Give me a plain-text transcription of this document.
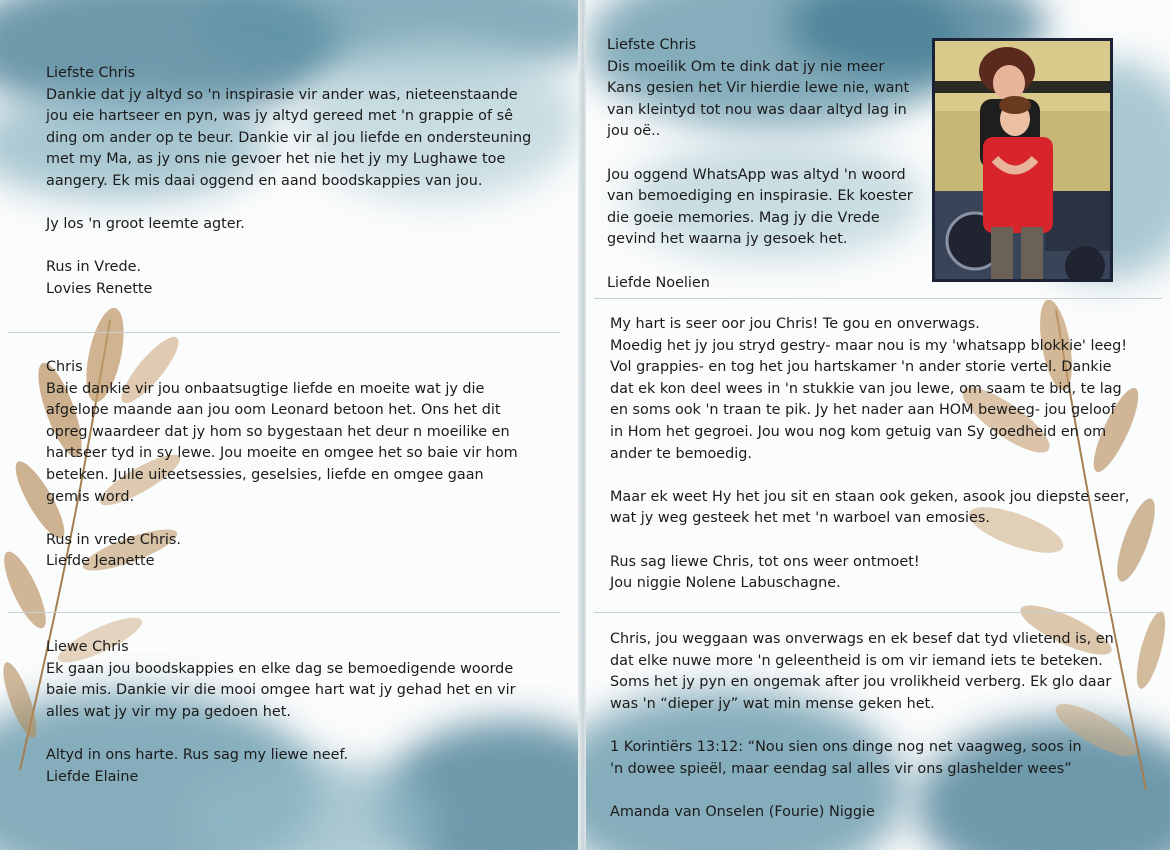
Liefste Chris
Dankie dat jy altyd so 'n inspirasie vir ander was, nieteenstaande
jou eie hartseer en pyn, was jy altyd gereed met 'n grappie of sê
ding om ander op te beur. Dankie vir al jou liefde en ondersteuning
met my Ma, as jy ons nie gevoer het nie het jy my Lughawe toe
aangery. Ek mis daai oggend en aand boodskappies van jou.
Jy los 'n groot leemte agter.
Rus in Vrede.
Lovies Renette
Chris
Baie dankie vir jou onbaatsugtige liefde en moeite wat jy die
afgelope maande aan jou oom Leonard betoon het. Ons het dit
opreg waardeer dat jy hom so bygestaan het deur n moeilike en
hartseer tyd in sy lewe. Jou moeite en omgee het so baie vir hom
beteken. Julle uiteetsessies, geselsies, liefde en omgee gaan
gemis word.
Rus in vrede Chris.
Liefde Jeanette
Liewe Chris
Ek gaan jou boodskappies en elke dag se bemoedigende woorde
baie mis. Dankie vir die mooi omgee hart wat jy gehad het en vir
alles wat jy vir my pa gedoen het.
Altyd in ons harte. Rus sag my liewe neef.
Liefde Elaine
Liefste Chris
Dis moeilik Om te dink dat jy nie meer
Kans gesien het Vir hierdie lewe nie, want
van kleintyd tot nou was daar altyd lag in
jou oë..
Jou oggend WhatsApp was altyd 'n woord
van bemoediging en inspirasie. Ek koester
die goeie memories. Mag jy die Vrede
gevind het waarna jy gesoek het.
Liefde Noelien
My hart is seer oor jou Chris! Te gou en onverwags.
Moedig het jy jou stryd gestry- maar nou is my 'whatsapp blokkie' leeg!
Vol grappies- en tog het jou hartskamer 'n ander storie vertel. Dankie
dat ek kon deel wees in 'n stukkie van jou lewe, om saam te bid, te lag
en soms ook 'n traan te pik. Jy het nader aan HOM beweeg- jou geloof
in Hom het gegroei. Jou wou nog kom getuig van Sy goedheid en om
ander te bemoedig.
Maar ek weet Hy het jou sit en staan ook geken, asook jou diepste seer,
wat jy weg gesteek het met 'n warboel van emosies.
Rus sag liewe Chris, tot ons weer ontmoet!
Jou niggie Nolene Labuschagne.
Chris, jou weggaan was onverwags en ek besef dat tyd vlietend is, en
dat elke nuwe more 'n geleentheid is om vir iemand iets te beteken.
Soms het jy pyn en ongemak after jou vrolikheid verberg. Ek glo daar
was 'n “dieper jy” wat min mense geken het.
1 Korintiërs 13:12: “Nou sien ons dinge nog net vaagweg, soos in
'n dowee spieël, maar eendag sal alles vir ons glashelder wees”
Amanda van Onselen (Fourie) Niggie
